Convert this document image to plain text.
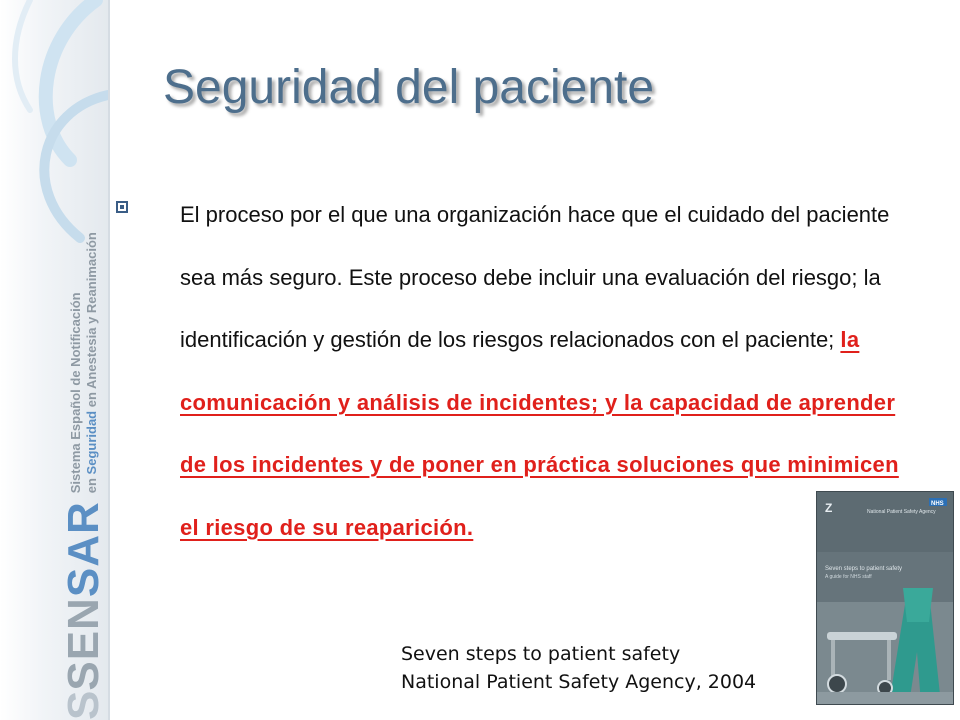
S
SENSAR
Sistema Español de Notificación en Seguridad en Anestesia y Reanimación
Seguridad del paciente
El proceso por el que una organización hace que el cuidado del paciente sea más seguro. Este proceso debe incluir una evaluación del riesgo; la identificación y gestión de los riesgos relacionados con el paciente; la comunicación y análisis de incidentes; y la capacidad de aprender de los incidentes y de poner en práctica soluciones que minimicen el riesgo de su reaparición.
Z	NHS
National Patient Safety Agency
Seven steps to patient safety
A guide for NHS staff
Seven steps to patient safety
National Patient Safety Agency, 2004
